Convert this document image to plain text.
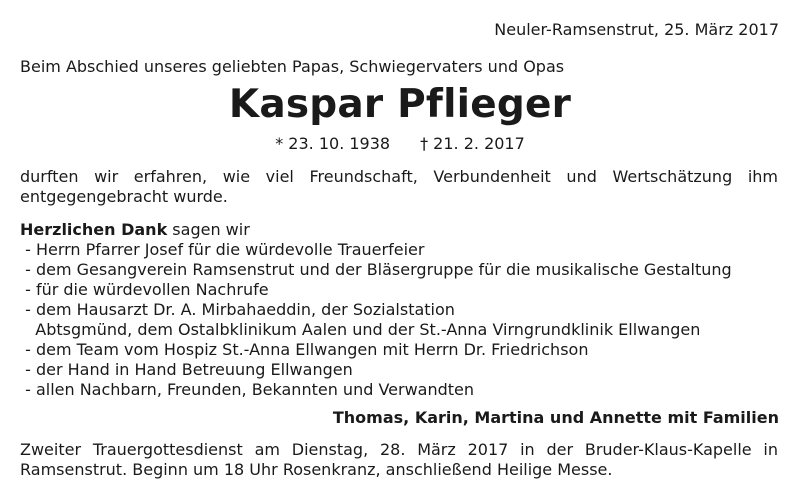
Neuler-Ramsenstrut, 25. März 2017
Beim Abschied unseres geliebten Papas, Schwiegervaters und Opas
Kaspar Pflieger
* 23. 10. 1938 † 21. 2. 2017
durften wir erfahren, wie viel Freundschaft, Verbundenheit und Wertschätzung ihm
entgegengebracht wurde.
Herzlichen Dank sagen wir
- Herrn Pfarrer Josef für die würdevolle Trauerfeier
- dem Gesangverein Ramsenstrut und der Bläsergruppe für die musikalische Gestaltung
- für die würdevollen Nachrufe
- dem Hausarzt Dr. A. Mirbahaeddin, der Sozialstation
Abtsgmünd, dem Ostalbklinikum Aalen und der St.-Anna Virngrundklinik Ellwangen
- dem Team vom Hospiz St.-Anna Ellwangen mit Herrn Dr. Friedrichson
- der Hand in Hand Betreuung Ellwangen
- allen Nachbarn, Freunden, Bekannten und Verwandten
Thomas, Karin, Martina und Annette mit Familien
Zweiter Trauergottesdienst am Dienstag, 28. März 2017 in der Bruder-Klaus-Kapelle in
Ramsenstrut. Beginn um 18 Uhr Rosenkranz, anschließend Heilige Messe.
